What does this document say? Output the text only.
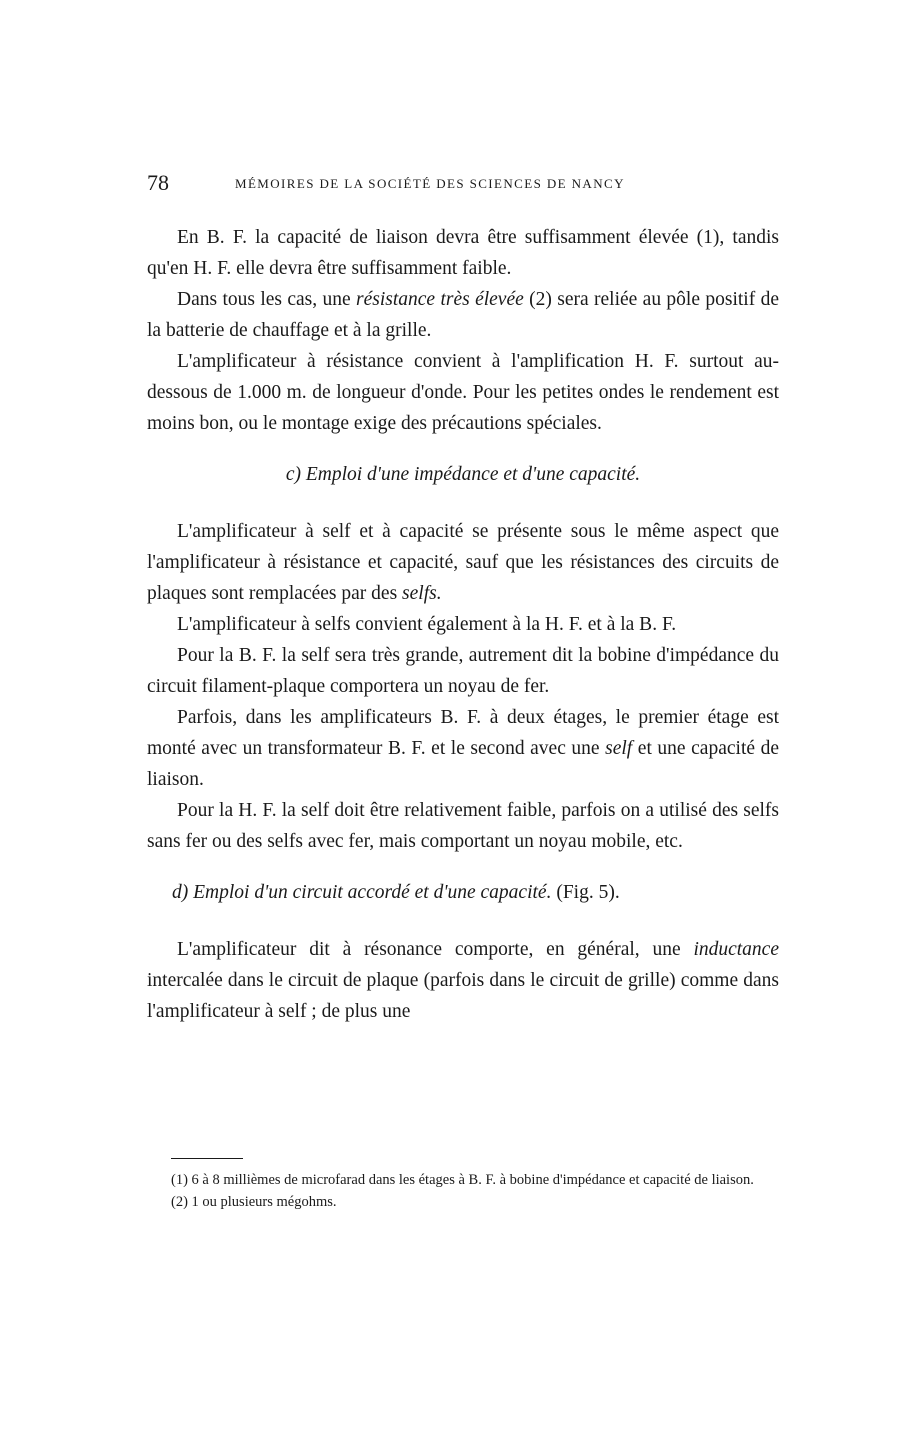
78	MÉMOIRES DE LA SOCIÉTÉ DES SCIENCES DE NANCY

En B. F. la capacité de liaison devra être suffisamment élevée (1), tandis qu'en H. F. elle devra être suffisamment faible.

Dans tous les cas, une résistance très élevée (2) sera reliée au pôle positif de la batterie de chauffage et à la grille.

L'amplificateur à résistance convient à l'amplification H. F. surtout au-dessous de 1.000 m. de longueur d'onde. Pour les petites ondes le rendement est moins bon, ou le montage exige des précautions spéciales.

c) Emploi d'une impédance et d'une capacité.

L'amplificateur à self et à capacité se présente sous le même aspect que l'amplificateur à résistance et capacité, sauf que les résistances des circuits de plaques sont remplacées par des selfs.

L'amplificateur à selfs convient également à la H. F. et à la B. F.

Pour la B. F. la self sera très grande, autrement dit la bobine d'impédance du circuit filament-plaque comportera un noyau de fer.

Parfois, dans les amplificateurs B. F. à deux étages, le premier étage est monté avec un transformateur B. F. et le second avec une self et une capacité de liaison.

Pour la H. F. la self doit être relativement faible, parfois on a utilisé des selfs sans fer ou des selfs avec fer, mais comportant un noyau mobile, etc.

d) Emploi d'un circuit accordé et d'une capacité. (Fig. 5).

L'amplificateur dit à résonance comporte, en général, une inductance intercalée dans le circuit de plaque (parfois dans le circuit de grille) comme dans l'amplificateur à self ; de plus une

(1) 6 à 8 millièmes de microfarad dans les étages à B. F. à bobine d'impédance et capacité de liaison.

(2) 1 ou plusieurs mégohms.
